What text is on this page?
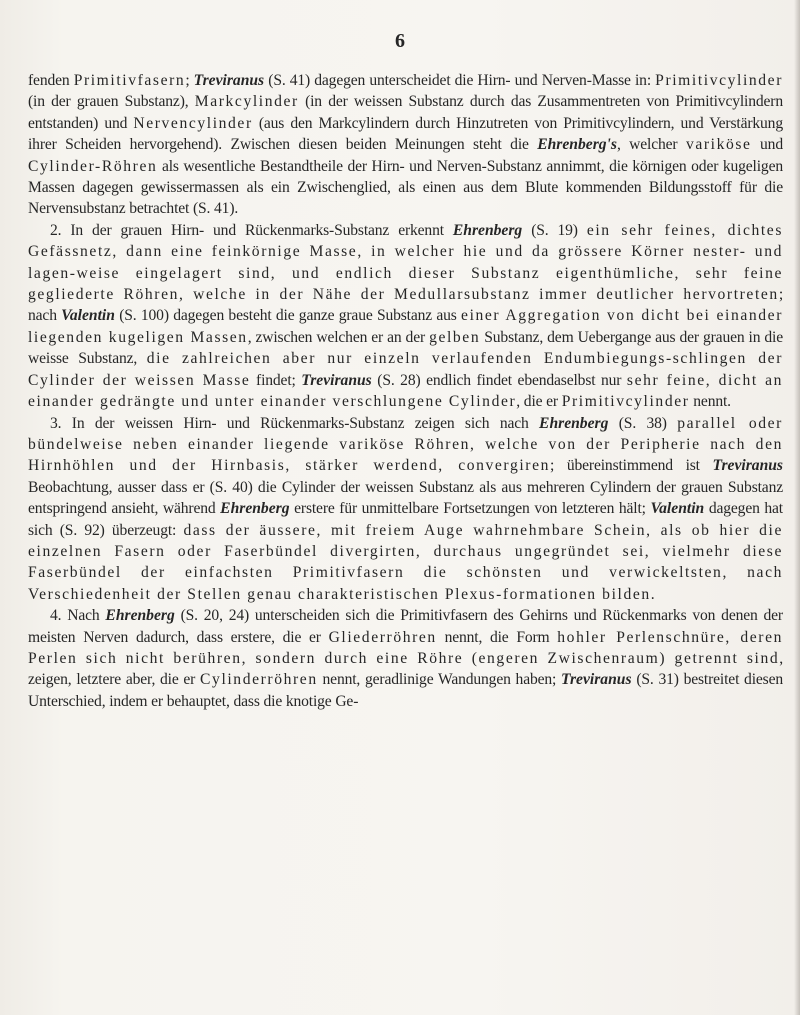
6

fenden Primitivfasern; Treviranus (S. 41) dagegen unterscheidet die Hirn- und Nerven-Masse in: Primitivcylinder (in der grauen Substanz), Markcylinder (in der weissen Substanz durch das Zusammentreten von Primitivcylindern entstanden) und Nervencylinder (aus den Markcylindern durch Hinzutreten von Primitivcylindern, und Verstärkung ihrer Scheiden hervorgehend). Zwischen diesen beiden Meinungen steht die Ehrenberg's, welcher variköse und Cylinder-Röhren als wesentliche Bestandtheile der Hirn- und Nerven-Substanz annimmt, die körnigen oder kugeligen Massen dagegen gewissermassen als ein Zwischenglied, als einen aus dem Blute kommenden Bildungsstoff für die Nervensubstanz betrachtet (S. 41).

2. In der grauen Hirn- und Rückenmarks-Substanz erkennt Ehrenberg (S. 19) ein sehr feines, dichtes Gefässnetz, dann eine feinkörnige Masse, in welcher hie und da grössere Körner nester- und lagen-weise eingelagert sind, und endlich dieser Substanz eigenthümliche, sehr feine gegliederte Röhren, welche in der Nähe der Medullarsubstanz immer deutlicher hervortreten; nach Valentin (S. 100) dagegen besteht die ganze graue Substanz aus einer Aggregation von dicht bei einander liegenden kugeligen Massen, zwischen welchen er an der gelben Substanz, dem Uebergange aus der grauen in die weisse Substanz, die zahlreichen aber nur einzeln verlaufenden Endumbiegungs-schlingen der Cylinder der weissen Masse findet; Treviranus (S. 28) endlich findet ebendaselbst nur sehr feine, dicht an einander gedrängte und unter einander verschlungene Cylinder, die er Primitivcylinder nennt.

3. In der weissen Hirn- und Rückenmarks-Substanz zeigen sich nach Ehrenberg (S. 38) parallel oder bündelweise neben einander liegende variköse Röhren, welche von der Peripherie nach den Hirnhöhlen und der Hirnbasis, stärker werdend, convergiren; übereinstimmend ist Treviranus Beobachtung, ausser dass er (S. 40) die Cylinder der weissen Substanz als aus mehreren Cylindern der grauen Substanz entspringend ansieht, während Ehrenberg erstere für unmittelbare Fortsetzungen von letzteren hält; Valentin dagegen hat sich (S. 92) überzeugt: dass der äussere, mit freiem Auge wahrnehmbare Schein, als ob hier die einzelnen Fasern oder Faserbündel divergirten, durchaus ungegründet sei, vielmehr diese Faserbündel der einfachsten Primitivfasern die schönsten und verwickeltsten, nach Verschiedenheit der Stellen genau charakteristischen Plexus-formationen bilden.

4. Nach Ehrenberg (S. 20, 24) unterscheiden sich die Primitivfasern des Gehirns und Rückenmarks von denen der meisten Nerven dadurch, dass erstere, die er Gliederröhren nennt, die Form hohler Perlenschnüre, deren Perlen sich nicht berühren, sondern durch eine Röhre (engeren Zwischenraum) getrennt sind, zeigen, letztere aber, die er Cylinderröhren nennt, geradlinige Wandungen haben; Treviranus (S. 31) bestreitet diesen Unterschied, indem er behauptet, dass die knotige Ge-
